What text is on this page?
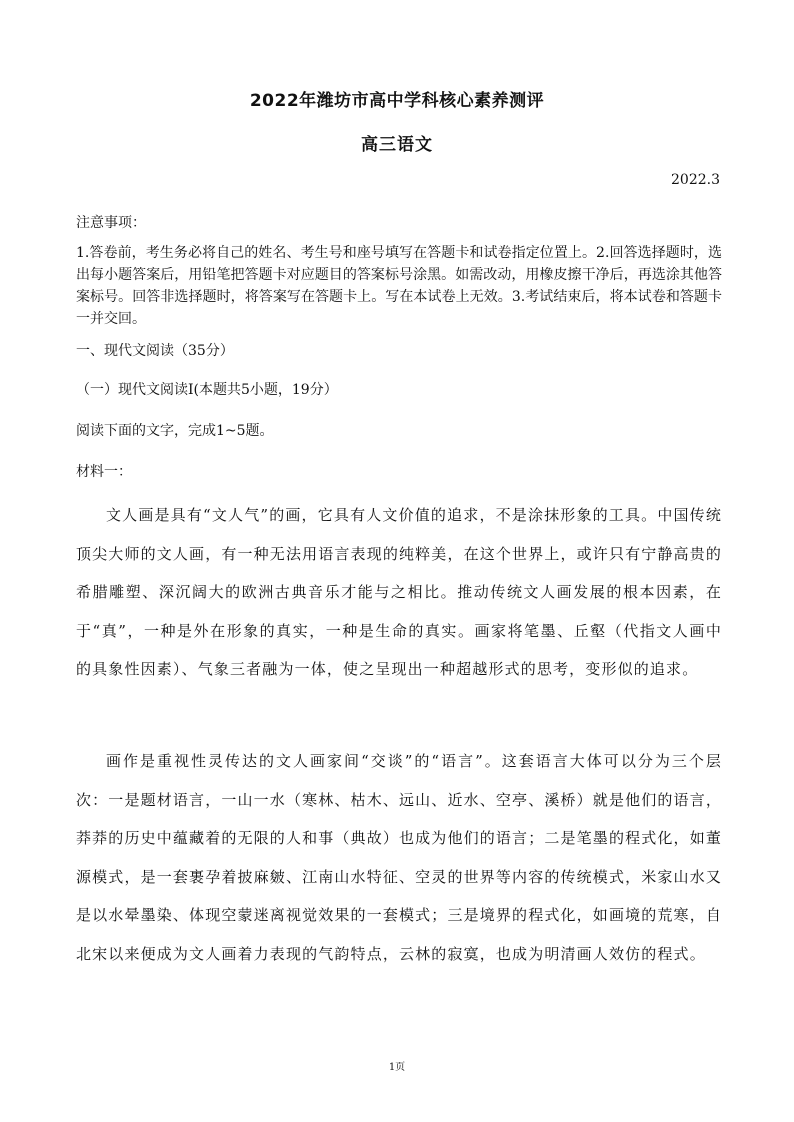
2022年潍坊市高中学科核心素养测评
高三语文
2022.3
注意事项：
1.答卷前，考生务必将自己的姓名、考生号和座号填写在答题卡和试卷指定位置上。2.回答选择题时，选出每小题答案后，用铅笔把答题卡对应题目的答案标号涂黑。如需改动，用橡皮擦干净后，再选涂其他答案标号。回答非选择题时，将答案写在答题卡上。写在本试卷上无效。3.考试结束后，将本试卷和答题卡一并交回。
一、现代文阅读（35分）
（一）现代文阅读Ⅰ(本题共5小题，19分）
阅读下面的文字，完成1~5题。
材料一：

文人画是具有“文人气”的画，它具有人文价值的追求，不是涂抹形象的工具。中国传统顶尖大师的文人画，有一种无法用语言表现的纯粹美，在这个世界上，或许只有宁静高贵的希腊雕塑、深沉阔大的欧洲古典音乐才能与之相比。推动传统文人画发展的根本因素，在于“真”，一种是外在形象的真实，一种是生命的真实。画家将笔墨、丘壑（代指文人画中的具象性因素）、气象三者融为一体，使之呈现出一种超越形式的思考，变形似的追求。

画作是重视性灵传达的文人画家间“交谈”的“语言”。这套语言大体可以分为三个层次：一是题材语言，一山一水（寒林、枯木、远山、近水、空亭、溪桥）就是他们的语言，莽莽的历史中蕴藏着的无限的人和事（典故）也成为他们的语言；二是笔墨的程式化，如董源模式，是一套裹孕着披麻皴、江南山水特征、空灵的世界等内容的传统模式，米家山水又是以水晕墨染、体现空蒙迷离视觉效果的一套模式；三是境界的程式化，如画境的荒寒，自北宋以来便成为文人画着力表现的气韵特点，云林的寂寞，也成为明清画人效仿的程式。

1页
